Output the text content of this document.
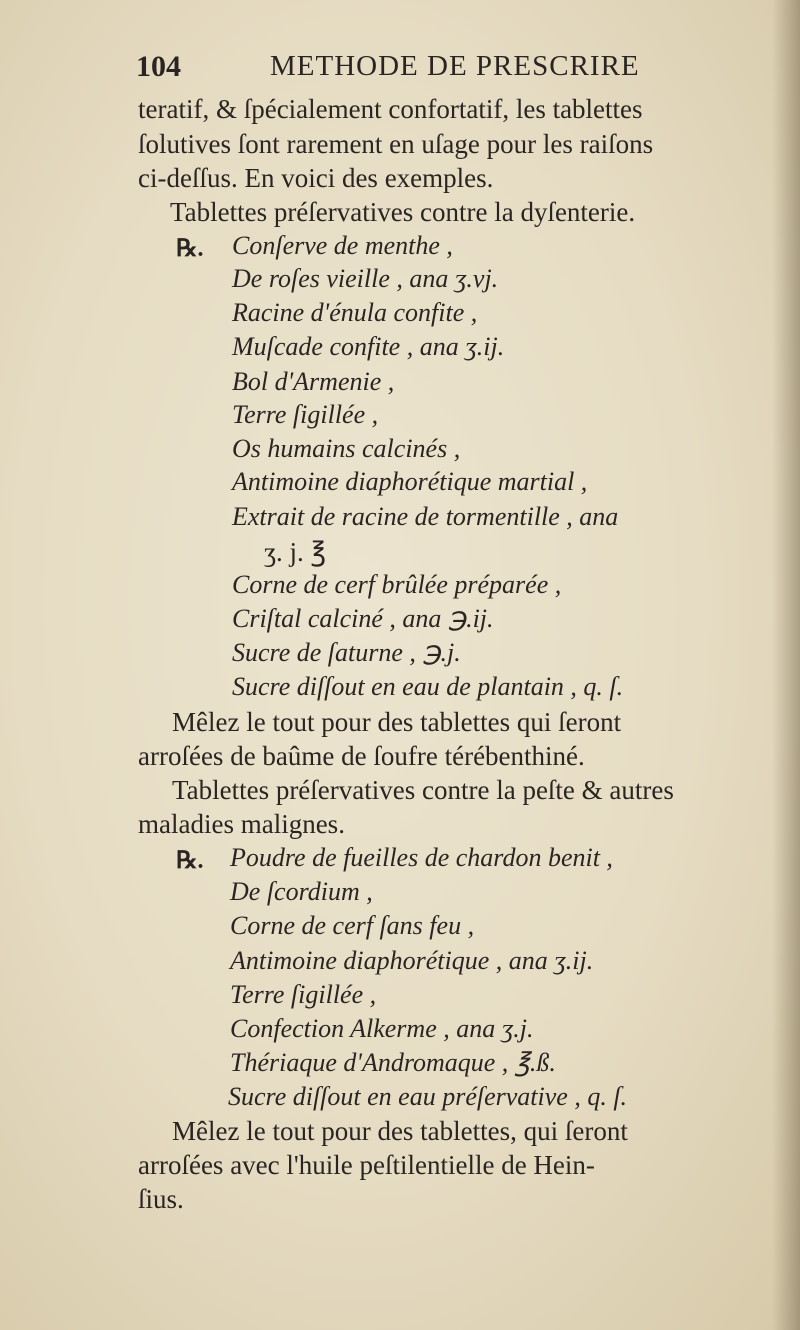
104	METHODE DE PRESCRIRE
teratif, & ſpécialement confortatif, les tablettes
ſolutives ſont rarement en uſage pour les raiſons
ci-deſſus. En voici des exemples.
Tablettes préſervatives contre la dyſenterie.
℞. Conſerve de menthe ,
De roſes vieille , ana ʒ.vj.
Racine d'énula confite ,
Muſcade confite , ana ʒ.ij.
Bol d'Armenie ,
Terre ſigillée ,
Os humains calcinés ,
Antimoine diaphorétique martial ,
Extrait de racine de tormentille , ana
ʒ. j. ℥
Corne de cerf brûlée préparée ,
Criſtal calciné , ana ℈.ij.
Sucre de ſaturne , ℈.j.
Sucre diſſout en eau de plantain , q. ſ.
Mêlez le tout pour des tablettes qui ſeront
arroſées de baûme de ſoufre térébenthiné.
Tablettes préſervatives contre la peſte & autres
maladies malignes.
℞. Poudre de fueilles de chardon benit ,
De ſcordium ,
Corne de cerf ſans feu ,
Antimoine diaphorétique , ana ʒ.ij.
Terre ſigillée ,
Confection Alkerme , ana ʒ.j.
Thériaque d'Andromaque , ℥.ß.
Sucre diſſout en eau préſervative , q. ſ.
Mêlez le tout pour des tablettes, qui ſeront
arroſées avec l'huile peſtilentielle de Hein-
ſius.
